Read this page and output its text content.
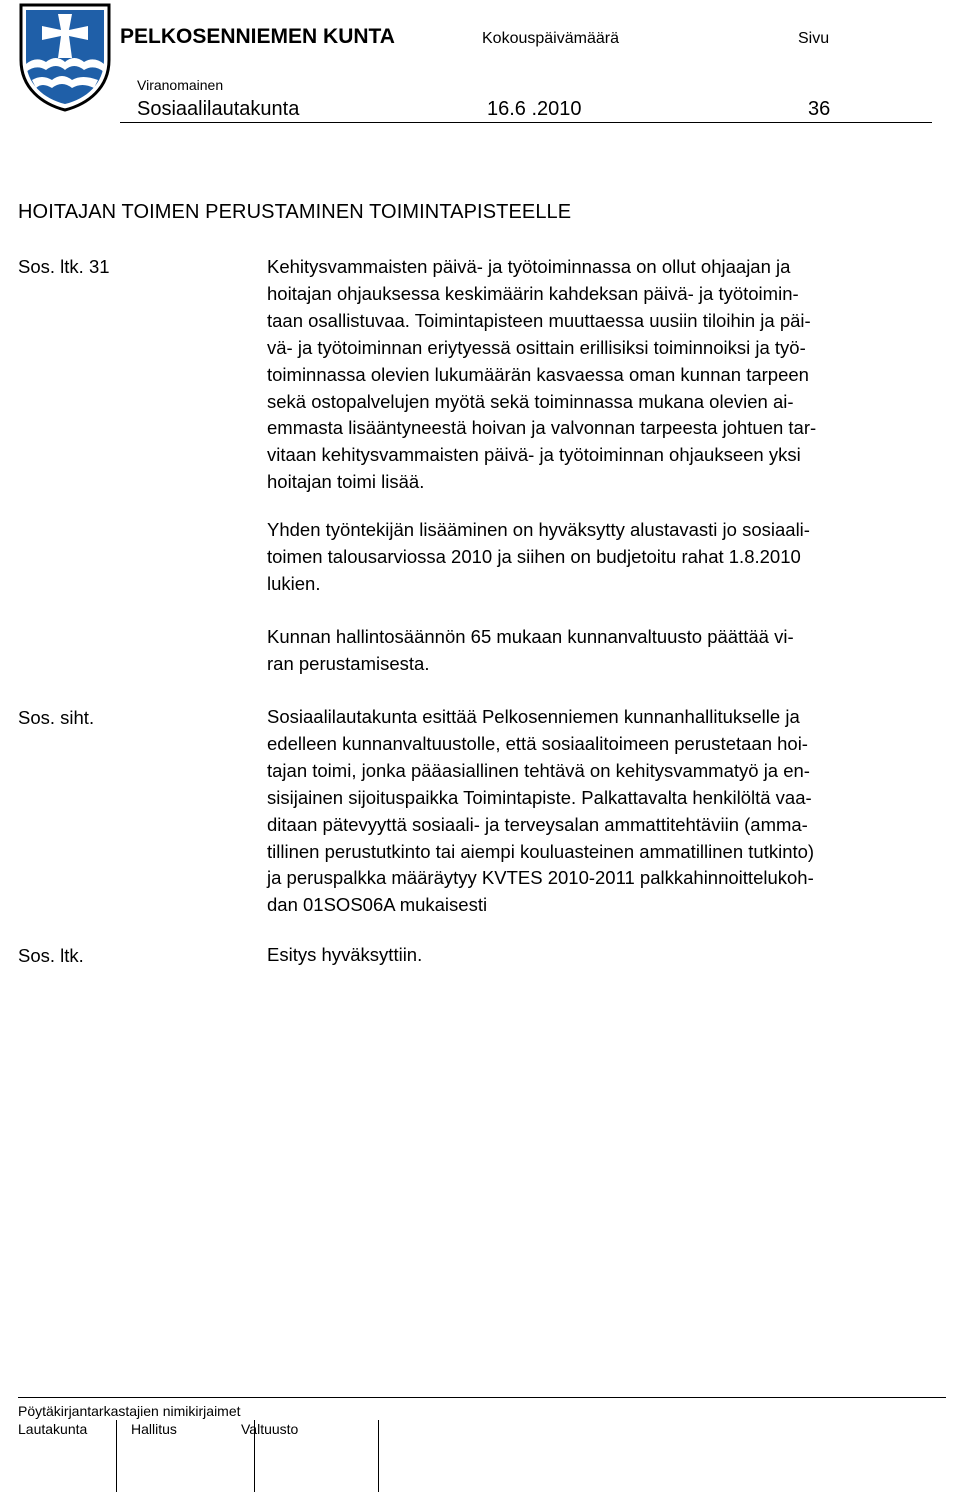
PELKOSENNIEMEN KUNTA	Kokouspäivämäärä	Sivu
Viranomainen
Sosiaalilautakunta	16.6 .2010	36
HOITAJAN TOIMEN PERUSTAMINEN TOIMINTAPISTEELLE
Sos. ltk. 31	Kehitysvammaisten päivä- ja työtoiminnassa on ollut ohjaajan ja
hoitajan ohjauksessa keskimäärin kahdeksan päivä- ja työtoimin-
taan osallistuvaa. Toimintapisteen muuttaessa uusiin tiloihin ja päi-
vä- ja työtoiminnan eriytyessä osittain erillisiksi toiminnoiksi ja työ-
toiminnassa olevien lukumäärän kasvaessa oman kunnan tarpeen
sekä ostopalvelujen myötä sekä toiminnassa mukana olevien ai-
emmasta lisääntyneestä hoivan ja valvonnan tarpeesta johtuen tar-
vitaan kehitysvammaisten päivä- ja työtoiminnan ohjaukseen yksi
hoitajan toimi lisää.
Yhden työntekijän lisääminen on hyväksytty alustavasti jo sosiaali-
toimen talousarviossa 2010 ja siihen on budjetoitu rahat 1.8.2010
lukien.
Kunnan hallintosäännön 65 mukaan kunnanvaltuusto päättää vi-
ran perustamisesta.
Sos. siht.	Sosiaalilautakunta esittää Pelkosenniemen kunnanhallitukselle ja
edelleen kunnanvaltuustolle, että sosiaalitoimeen perustetaan hoi-
tajan toimi, jonka pääasiallinen tehtävä on kehitysvammatyö ja en-
sisijainen sijoituspaikka Toimintapiste. Palkattavalta henkilöltä vaa-
ditaan pätevyyttä sosiaali- ja terveysalan ammattitehtäviin (amma-
tillinen perustutkinto tai aiempi kouluasteinen ammatillinen tutkinto)
ja peruspalkka määräytyy KVTES 2010-2011 palkkahinnoittelukoh-
dan 01SOS06A mukaisesti
Sos. ltk.	Esitys hyväksyttiin.
Pöytäkirjantarkastajien nimikirjaimet
Lautakunta	Hallitus	Valtuusto
